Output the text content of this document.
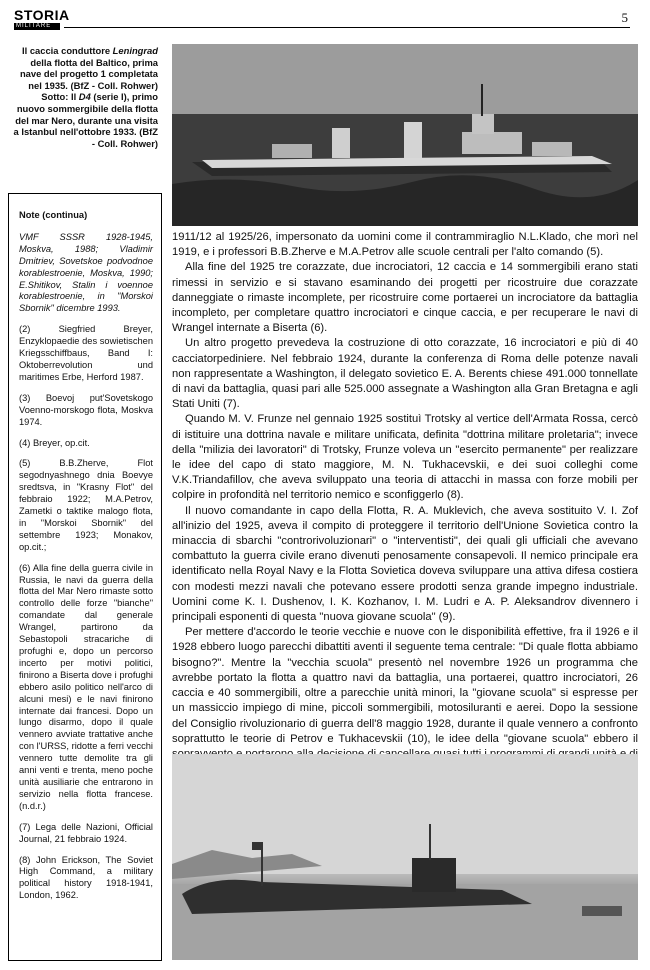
STORIA
MILITARE
5
Il caccia conduttore Leningrad della flotta del Baltico, prima nave del progetto 1 completata nel 1935. (BfZ - Coll. Rohwer) Sotto: Il D4 (serie I), primo nuovo sommergibile della flotta del mar Nero, durante una visita a Istanbul nell'ottobre 1933. (BfZ - Coll. Rohwer)
Note (continua)
VMF SSSR 1928-1945, Moskva, 1988; Vladimir Dmitriev, Sovetskoe podvodnoe korablestroenie, Moskva, 1990; E.Shitikov, Stalin i voennoe korablestroenie, in "Morskoi Sbornik" dicembre 1993.
(2) Siegfried Breyer, Enzyklopaedie des sowietischen Kriegsschiffbaus, Band I: Oktoberrevolution und maritimes Erbe, Herford 1987.
(3) Boevoj put'Sovetskogo Voenno-morskogo flota, Moskva 1974.
(4) Breyer, op.cit.
(5) B.B.Zherve, Flot segodnyashnego dnia Boevye sredtsva, in "Krasny Flot" del febbraio 1922; M.A.Petrov, Zametki o taktike malogo flota, in "Morskoi Sbornik" del settembre 1923; Monakov, op.cit.;
(6) Alla fine della guerra civile in Russia, le navi da guerra della flotta del Mar Nero rimaste sotto controllo delle forze "bianche" comandate dal generale Wrangel, partirono da Sebastopoli stracariche di profughi e, dopo un percorso incerto per motivi politici, finirono a Biserta dove i profughi ebbero asilo politico nell'arco di alcuni mesi) e le navi finirono internate dai francesi. Dopo un lungo disarmo, dopo il quale vennero avviate trattative anche con l'URSS, ridotte a ferri vecchi vennero tutte demolite tra gli anni venti e trenta, meno poche unità ausiliarie che entrarono in servizio nella flotta francese. (n.d.r.)
(7) Lega delle Nazioni, Official Journal, 21 febbraio 1924.
(8) John Erickson, The Soviet High Command, a military political history 1918-1941, London, 1962.

1911/12 al 1925/26, impersonato da uomini come il contrammiraglio N.L.Klado, che morì nel 1919, e i professori B.B.Zherve e M.A.Petrov alle scuole centrali per l'alto comando (5).

Alla fine del 1925 tre corazzate, due incrociatori, 12 caccia e 14 sommergibili erano stati rimessi in servizio e si stavano esaminando dei progetti per ricostruire due corazzate danneggiate o rimaste incomplete, per ricostruire come portaerei un incrociatore da battaglia incompleto, per completare quattro incrociatori e cinque caccia, e per recuperare le navi di Wrangel internate a Biserta (6).

Un altro progetto prevedeva la costruzione di otto corazzate, 16 incrociatori e più di 40 cacciatorpediniere. Nel febbraio 1924, durante la conferenza di Roma delle potenze navali non rappresentate a Washington, il delegato sovietico E. A. Berents chiese 491.000 tonnellate di navi da battaglia, quasi pari alle 525.000 assegnate a Washington alla Gran Bretagna e agli Stati Uniti (7).

Quando M. V. Frunze nel gennaio 1925 sostituì Trotsky al vertice dell'Armata Rossa, cercò di istituire una dottrina navale e militare unificata, definita "dottrina militare proletaria"; invece della "milizia dei lavoratori" di Trotsky, Frunze voleva un "esercito permanente" per realizzare le idee del capo di stato maggiore, M. N. Tukhacevskii, e dei suoi colleghi come V.K.Triandafillov, che aveva sviluppato una teoria di attacchi in massa con forze mobili per colpire in profondità nel territorio nemico e sconfiggerlo (8).

Il nuovo comandante in capo della Flotta, R. A. Muklevich, che aveva sostituito V. I. Zof all'inizio del 1925, aveva il compito di proteggere il territorio dell'Unione Sovietica contro la minaccia di sbarchi "controrivoluzionari" o "interventisti", dei quali gli ufficiali che avevano combattuto la guerra civile erano divenuti penosamente consapevoli. Il nemico principale era identificato nella Royal Navy e la Flotta Sovietica doveva sviluppare una attiva difesa costiera con modesti mezzi navali che potevano essere prodotti senza grande impegno industriale. Uomini come K. I. Dushenov, I. K. Kozhanov, I. M. Ludri e A. P. Aleksandrov divennero i principali esponenti di questa "nuova giovane scuola" (9).

Per mettere d'accordo le teorie vecchie e nuove con le disponibilità effettive, fra il 1926 e il 1928 ebbero luogo parecchi dibattiti aventi il seguente tema centrale: "Di quale flotta abbiamo bisogno?". Mentre la "vecchia scuola" presentò nel novembre 1926 un programma che avrebbe portato la flotta a quattro navi da battaglia, una portaerei, quattro incrociatori, 26 caccia e 40 sommergibili, oltre a parecchie unità minori, la "giovane scuola" si espresse per un massiccio impiego di mine, piccoli sommergibili, motosiluranti e aerei. Dopo la sessione del Consiglio rivoluzionario di guerra dell'8 maggio 1928, durante il quale vennero a confronto soprattutto le teorie di Petrov e Tukhacevskii (10), le idee della "giovane scuola" ebbero il
